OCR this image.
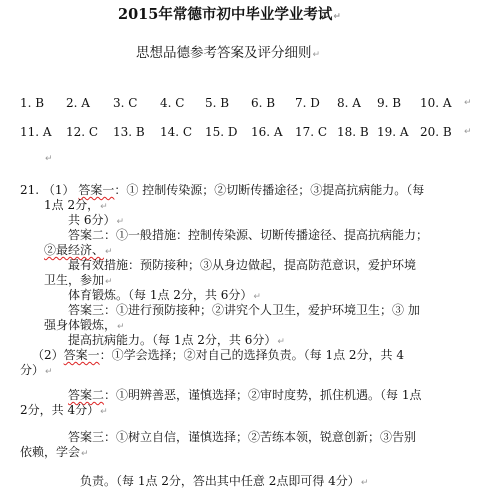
2015年常德市初中毕业学业考试↵
思想品德参考答案及评分细则↵
1. B 2. A 3. C 4. C 5. B 6. B 7. D 8. A 9. B 10. A ↵
11. A 12. C 13. B 14. C 15. D 16. A 17. C 18. B 19. A 20. B ↵
↵
21. （1） 答案一：① 控制传染源；②切断传播途径；③提高抗病能力。（每
1点 2分，↵
共 6分）↵
答案二：①一般措施：控制传染源、切断传播途径、提高抗病能力；
②最经济、↵
最有效措施：预防接种；③从身边做起，提高防范意识，爱护环境
卫生，参加↵
体育锻炼。（每 1点 2分，共 6分）↵
答案三：①进行预防接种；②讲究个人卫生，爱护环境卫生；③ 加
强身体锻炼，↵
提高抗病能力。（每 1点 2分，共 6分）↵
（2）答案一：①学会选择；②对自己的选择负责。（每 1点 2分，共 4
分）↵
答案二：①明辨善恶，谨慎选择；②审时度势，抓住机遇。（每 1点
2分，共 4分）↵
答案三：①树立自信，谨慎选择；②苦练本领，锐意创新；③告别
依赖，学会↵
负责。（每 1点 2分，答出其中任意 2点即可得 4分）↵
